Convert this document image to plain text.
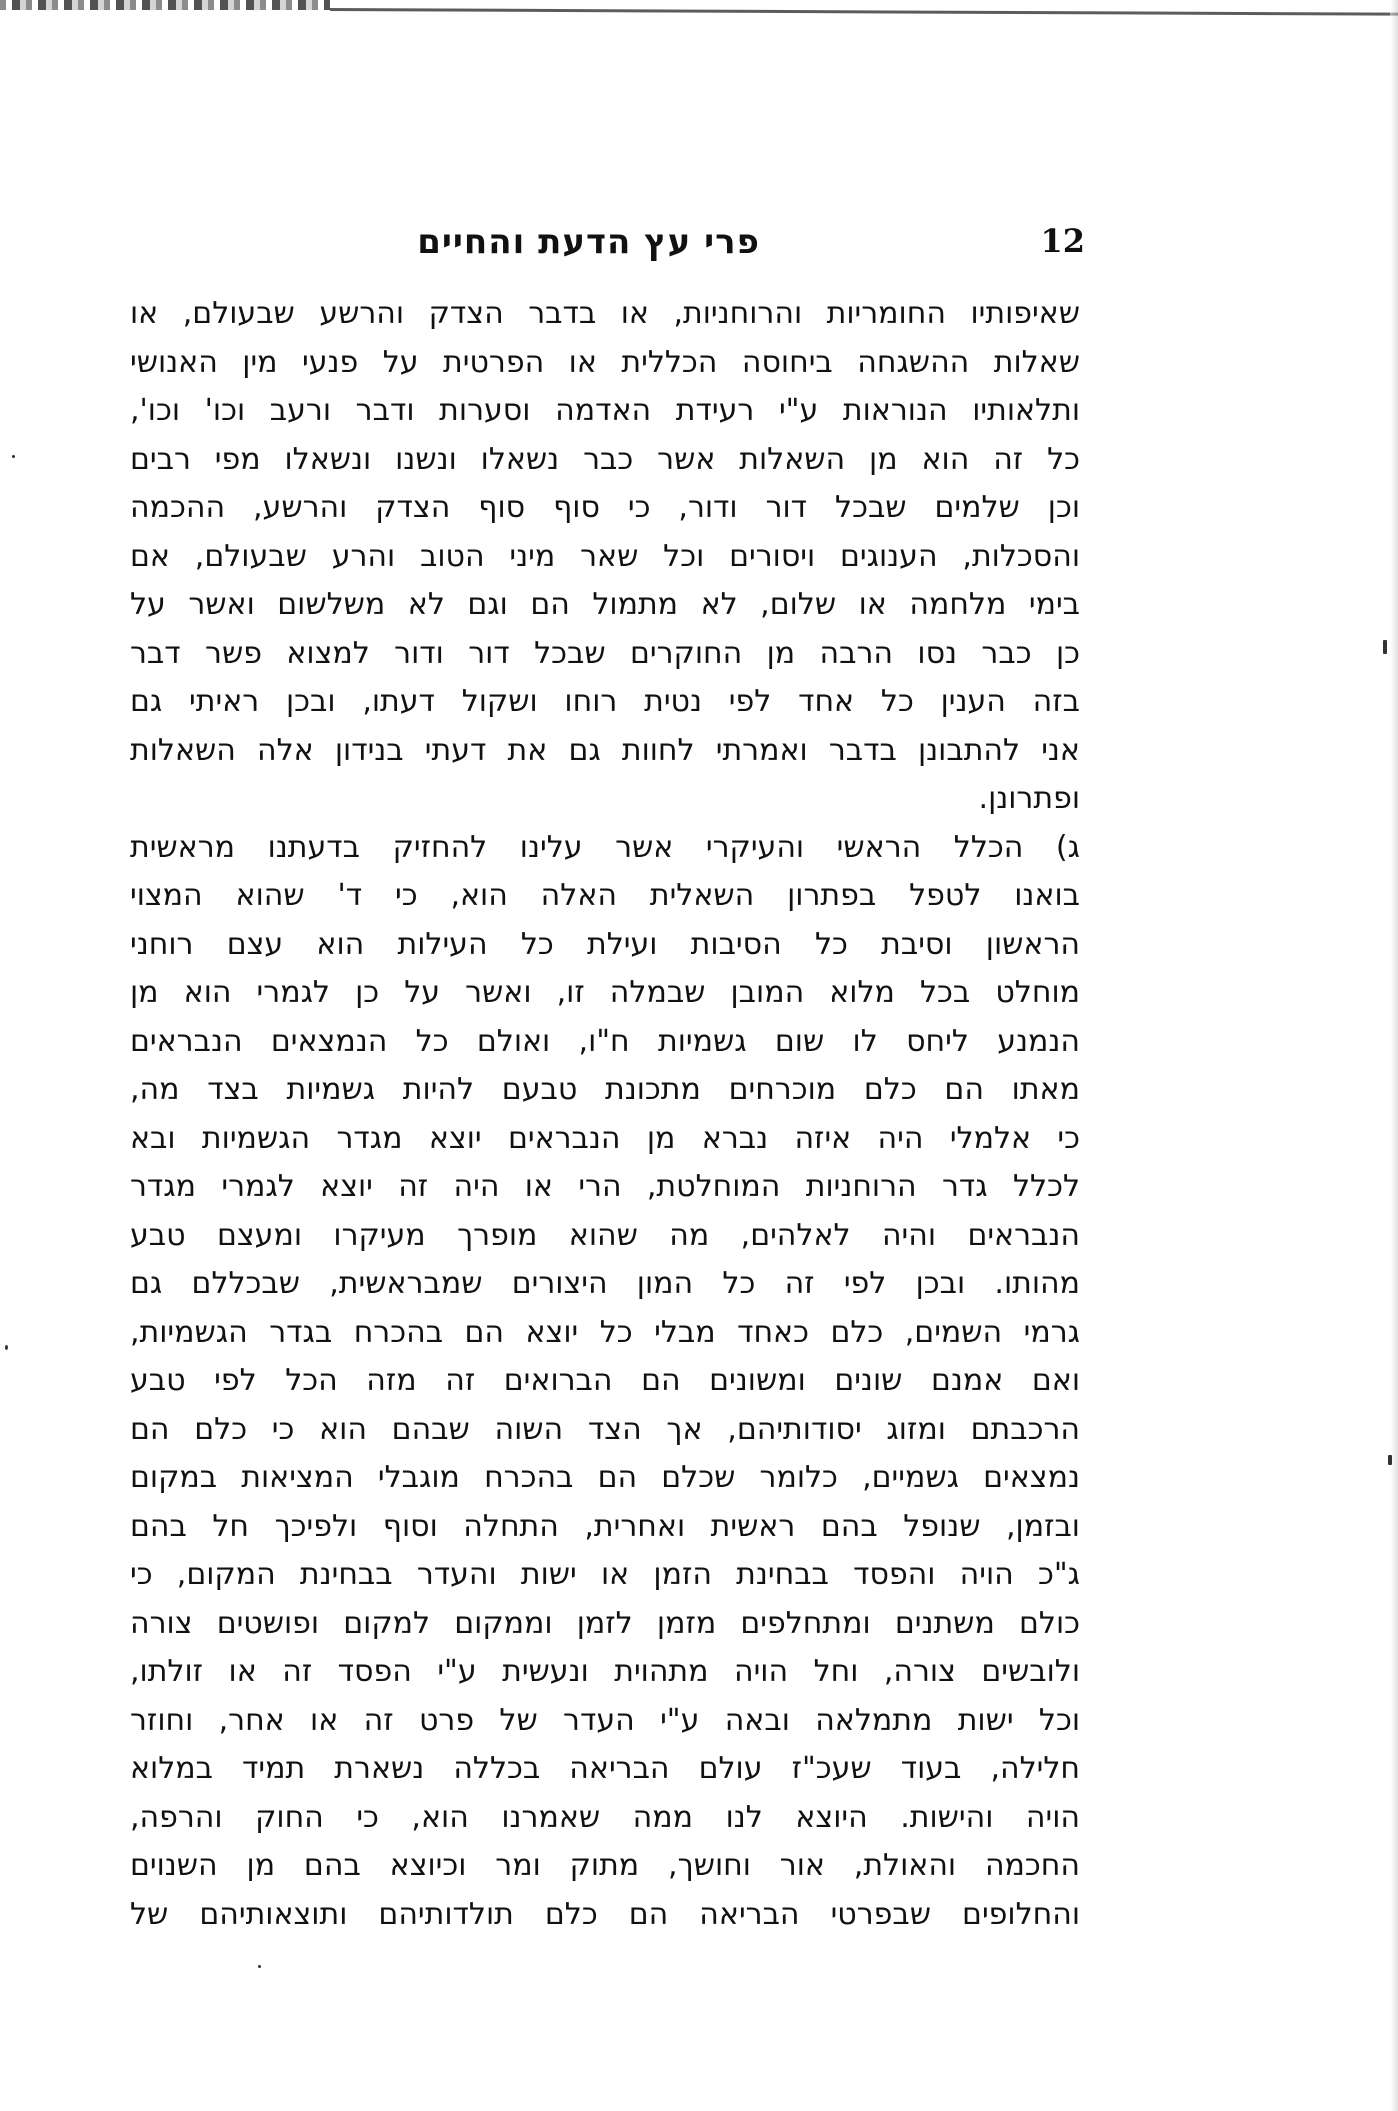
פרי עץ הדעת והחיים	12
שאיפותיו החומריות והרוחניות, או בדבר הצדק והרשע שבעולם, או
שאלות ההשגחה ביחוסה הכללית או הפרטית על פנעי מין האנושי
ותלאותיו הנוראות ע"י רעידת האדמה וסערות ודבר ורעב וכו' וכו',
כל זה הוא מן השאלות אשר כבר נשאלו ונשנו ונשאלו מפי רבים
וכן שלמים שבכל דור ודור, כי סוף סוף הצדק והרשע, ההכמה
והסכלות, הענוגים ויסורים וכל שאר מיני הטוב והרע שבעולם, אם
בימי מלחמה או שלום, לא מתמול הם וגם לא משלשום ואשר על
כן כבר נסו הרבה מן החוקרים שבכל דור ודור למצוא פשר דבר
בזה הענין כל אחד לפי נטית רוחו ושקול דעתו, ובכן ראיתי גם
אני להתבונן בדבר ואמרתי לחוות גם את דעתי בנידון אלה השאלות
ופתרונן.
ג) הכלל הראשי והעיקרי אשר עלינו להחזיק בדעתנו מראשית
בואנו לטפל בפתרון השאלית האלה הוא, כי ד' שהוא המצוי
הראשון וסיבת כל הסיבות ועילת כל העילות הוא עצם רוחני
מוחלט בכל מלוא המובן שבמלה זו, ואשר על כן לגמרי הוא מן
הנמנע ליחס לו שום גשמיות ח"ו, ואולם כל הנמצאים הנבראים
מאתו הם כלם מוכרחים מתכונת טבעם להיות גשמיות בצד מה,
כי אלמלי היה איזה נברא מן הנבראים יוצא מגדר הגשמיות ובא
לכלל גדר הרוחניות המוחלטת, הרי או היה זה יוצא לגמרי מגדר
הנבראים והיה לאלהים, מה שהוא מופרך מעיקרו ומעצם טבע
מהותו. ובכן לפי זה כל המון היצורים שמבראשית, שבכללם גם
גרמי השמים, כלם כאחד מבלי כל יוצא הם בהכרח בגדר הגשמיות,
ואם אמנם שונים ומשונים הם הברואים זה מזה הכל לפי טבע
הרכבתם ומזוג יסודותיהם, אך הצד השוה שבהם הוא כי כלם הם
נמצאים גשמיים, כלומר שכלם הם בהכרח מוגבלי המציאות במקום
ובזמן, שנופל בהם ראשית ואחרית, התחלה וסוף ולפיכך חל בהם
ג"כ הויה והפסד בבחינת הזמן או ישות והעדר בבחינת המקום, כי
כולם משתנים ומתחלפים מזמן לזמן וממקום למקום ופושטים צורה
ולובשים צורה, וחל הויה מתהוית ונעשית ע"י הפסד זה או זולתו,
וכל ישות מתמלאה ובאה ע"י העדר של פרט זה או אחר, וחוזר
חלילה, בעוד שעכ"ז עולם הבריאה בכללה נשארת תמיד במלוא
הויה והישות. היוצא לנו ממה שאמרנו הוא, כי החוק והרפה,
החכמה והאולת, אור וחושך, מתוק ומר וכיוצא בהם מן השנוים
והחלופים שבפרטי הבריאה הם כלם תולדותיהם ותוצאותיהם של
